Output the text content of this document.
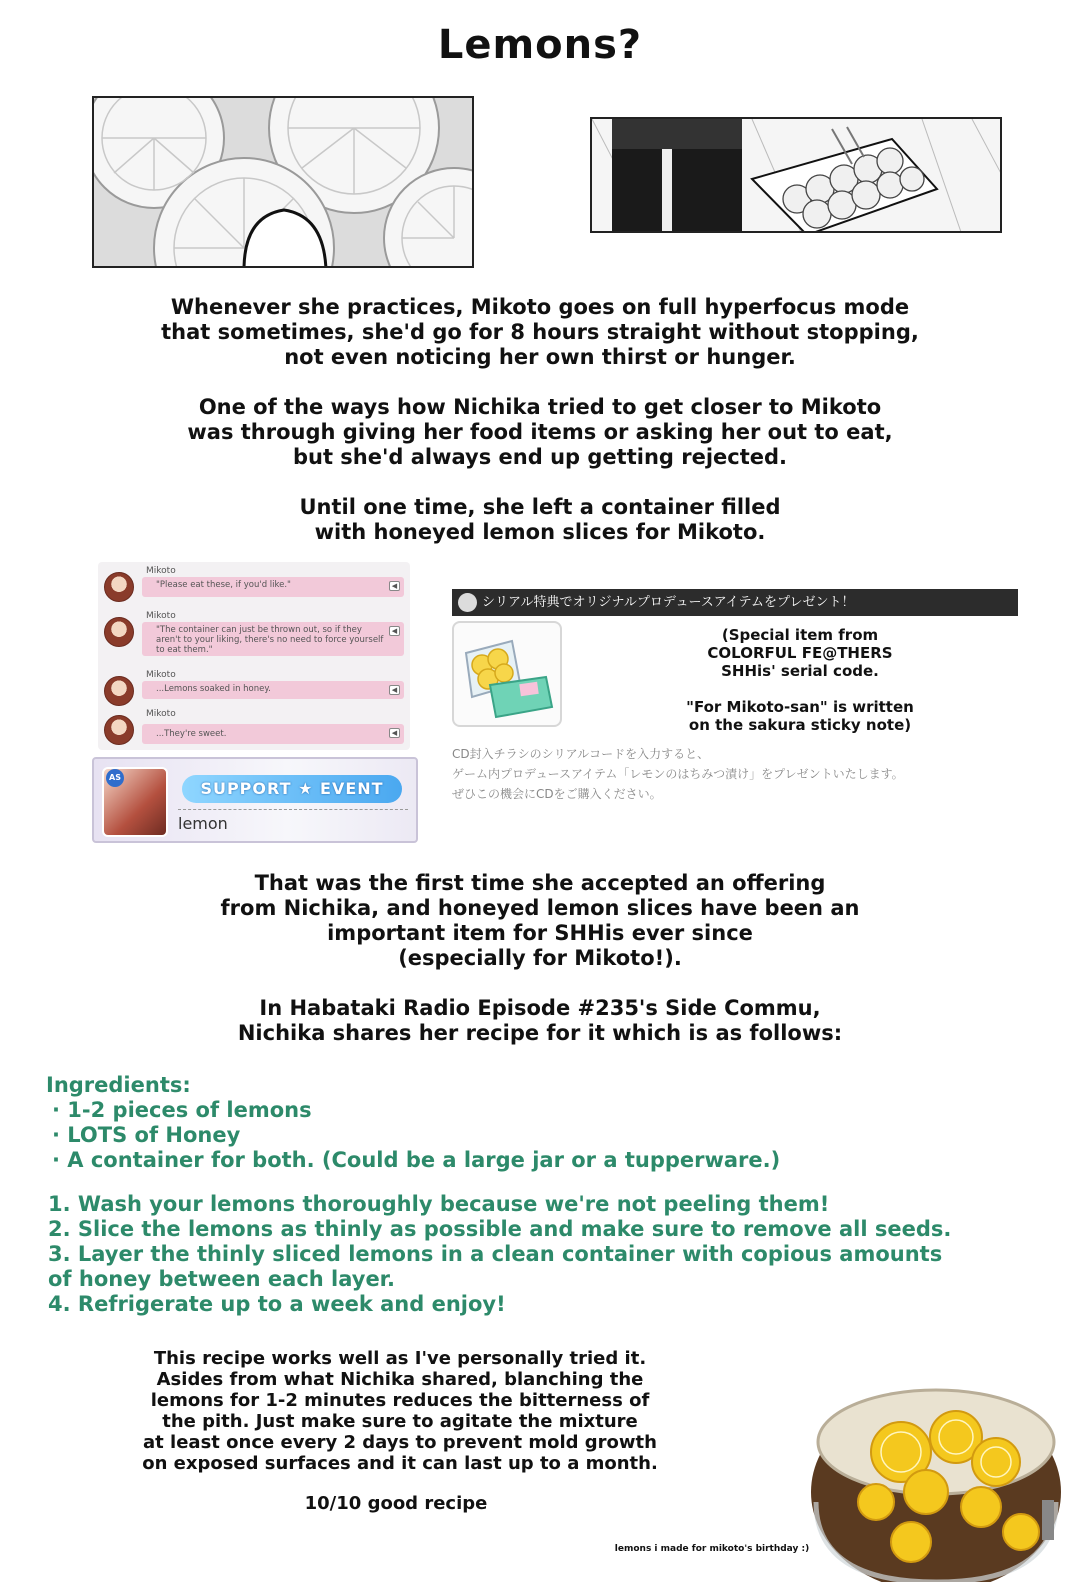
Lemons?
Whenever she practices, Mikoto goes on full hyperfocus mode
that sometimes, she'd go for 8 hours straight without stopping,
not even noticing her own thirst or hunger.
One of the ways how Nichika tried to get closer to Mikoto
was through giving her food items or asking her out to eat,
but she'd always end up getting rejected.
Until one time, she left a container filled
with honeyed lemon slices for Mikoto.
Mikoto
"Please eat these, if you'd like."	◀
Mikoto
"The container can just be thrown out, so if they aren't to your liking, there's no need to force yourself to eat them."
◀
Mikoto
...Lemons soaked in honey.	◀
Mikoto
...They're sweet.	◀
AS
SUPPORT ★ EVENT
lemon
シリアル特典でオリジナルプロデュースアイテムをプレゼント！
(Special item from
COLORFUL FE@THERS
SHHis' serial code.
"For Mikoto-san" is written
on the sakura sticky note)
CD封入チラシのシリアルコードを入力すると、
ゲーム内プロデュースアイテム「レモンのはちみつ漬け」をプレゼントいたします。
ぜひこの機会にCDをご購入ください。
That was the first time she accepted an offering
from Nichika, and honeyed lemon slices have been an
important item for SHHis ever since
(especially for Mikoto!).
In Habataki Radio Episode #235's Side Commu,
Nichika shares her recipe for it which is as follows:
Ingredients:
· 1-2 pieces of lemons
· LOTS of Honey
· A container for both. (Could be a large jar or a tupperware.)
1. Wash your lemons thoroughly because we're not peeling them!
2. Slice the lemons as thinly as possible and make sure to remove all seeds.
3. Layer the thinly sliced lemons in a clean container with copious amounts
of honey between each layer.
4. Refrigerate up to a week and enjoy!
This recipe works well as I've personally tried it.
Asides from what Nichika shared, blanching the
lemons for 1-2 minutes reduces the bitterness of
the pith. Just make sure to agitate the mixture
at least once every 2 days to prevent mold growth
on exposed surfaces and it can last up to a month.
10/10 good recipe
lemons i made for mikoto's birthday :)
